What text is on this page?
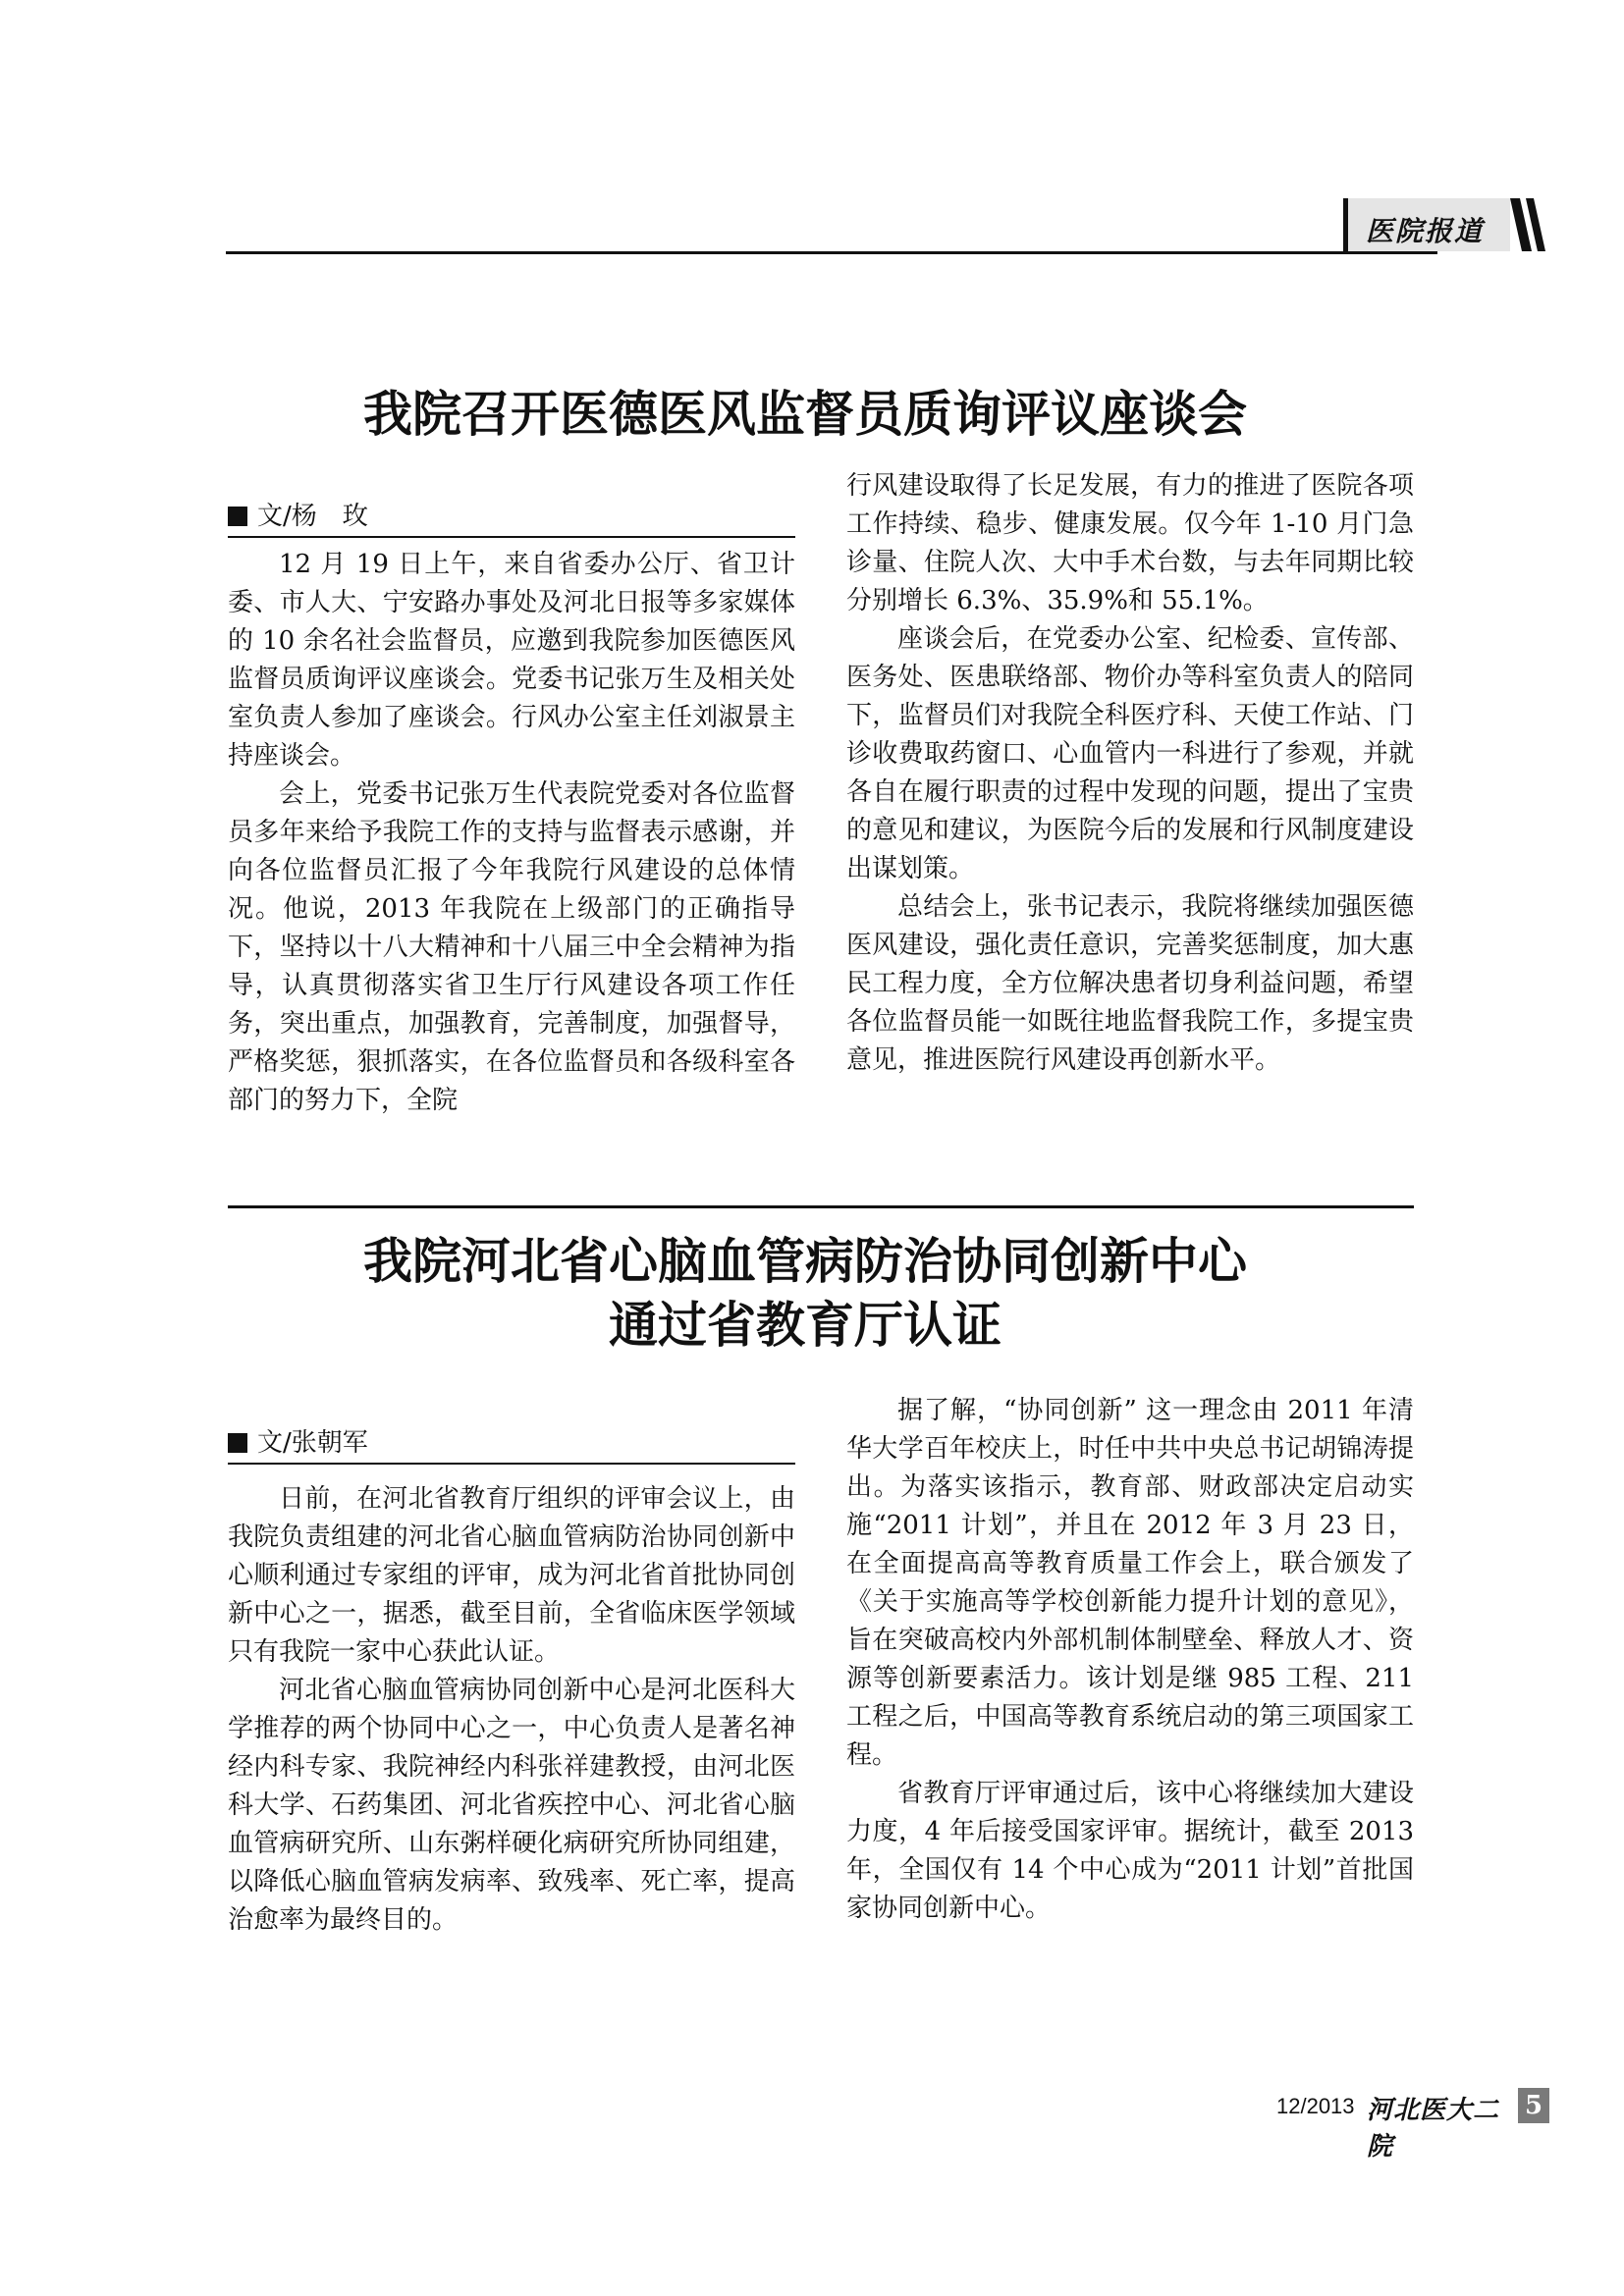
医院报道
我院召开医德医风监督员质询评议座谈会
文/杨　玫

12 月 19 日上午，来自省委办公厅、省卫计委、市人大、宁安路办事处及河北日报等多家媒体的 10 余名社会监督员，应邀到我院参加医德医风监督员质询评议座谈会。党委书记张万生及相关处室负责人参加了座谈会。行风办公室主任刘淑景主持座谈会。

会上，党委书记张万生代表院党委对各位监督员多年来给予我院工作的支持与监督表示感谢，并向各位监督员汇报了今年我院行风建设的总体情况。他说，2013 年我院在上级部门的正确指导下，坚持以十八大精神和十八届三中全会精神为指导，认真贯彻落实省卫生厅行风建设各项工作任务，突出重点，加强教育，完善制度，加强督导，严格奖惩，狠抓落实，在各位监督员和各级科室各部门的努力下，全院

行风建设取得了长足发展，有力的推进了医院各项工作持续、稳步、健康发展。仅今年 1-10 月门急诊量、住院人次、大中手术台数，与去年同期比较分别增长 6.3%、35.9%和 55.1%。

座谈会后，在党委办公室、纪检委、宣传部、医务处、医患联络部、物价办等科室负责人的陪同下，监督员们对我院全科医疗科、天使工作站、门诊收费取药窗口、心血管内一科进行了参观，并就各自在履行职责的过程中发现的问题，提出了宝贵的意见和建议，为医院今后的发展和行风制度建设出谋划策。

总结会上，张书记表示，我院将继续加强医德医风建设，强化责任意识，完善奖惩制度，加大惠民工程力度，全方位解决患者切身利益问题，希望各位监督员能一如既往地监督我院工作，多提宝贵意见，推进医院行风建设再创新水平。

我院河北省心脑血管病防治协同创新中心
通过省教育厅认证
文/张朝军

日前，在河北省教育厅组织的评审会议上，由我院负责组建的河北省心脑血管病防治协同创新中心顺利通过专家组的评审，成为河北省首批协同创新中心之一，据悉，截至目前，全省临床医学领域只有我院一家中心获此认证。

河北省心脑血管病协同创新中心是河北医科大学推荐的两个协同中心之一，中心负责人是著名神经内科专家、我院神经内科张祥建教授，由河北医科大学、石药集团、河北省疾控中心、河北省心脑血管病研究所、山东粥样硬化病研究所协同组建，以降低心脑血管病发病率、致残率、死亡率，提高治愈率为最终目的。

据了解，“协同创新” 这一理念由 2011 年清华大学百年校庆上，时任中共中央总书记胡锦涛提出。为落实该指示，教育部、财政部决定启动实施“2011 计划”，并且在 2012 年 3 月 23 日，在全面提高高等教育质量工作会上，联合颁发了《关于实施高等学校创新能力提升计划的意见》，旨在突破高校内外部机制体制壁垒、释放人才、资源等创新要素活力。该计划是继 985 工程、211 工程之后，中国高等教育系统启动的第三项国家工程。

省教育厅评审通过后，该中心将继续加大建设力度，4 年后接受国家评审。据统计，截至 2013 年，全国仅有 14 个中心成为“2011 计划”首批国家协同创新中心。

12/2013 河北医大二院
5
